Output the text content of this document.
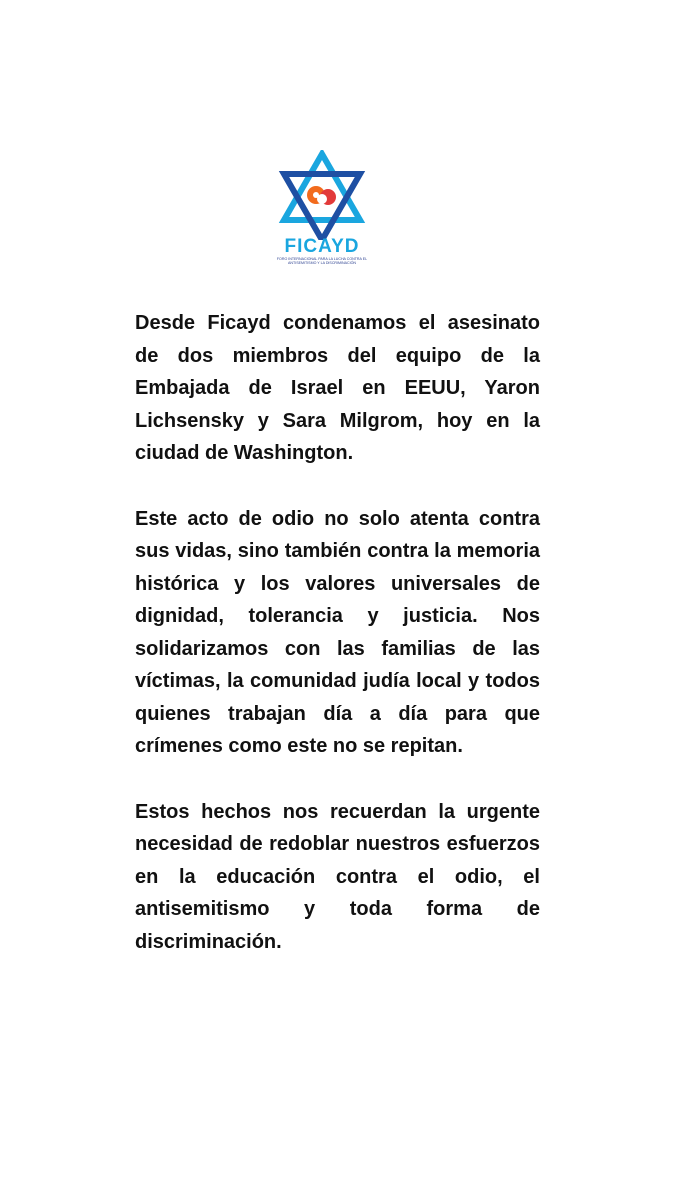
FICAYD
FORO INTERNACIONAL PARA LA LUCHA CONTRA EL ANTISEMITISMO Y LA DISCRIMINACIÓN

Desde Ficayd condenamos el asesinato de dos miembros del equipo de la Embajada de Israel en EEUU, Yaron Lichsensky y Sara Milgrom, hoy en la ciudad de Washington.

Este acto de odio no solo atenta contra sus vidas, sino también contra la memoria histórica y los valores universales de dignidad, tolerancia y justicia. Nos solidarizamos con las familias de las víctimas, la comunidad judía local y todos quienes trabajan día a día para que crímenes como este no se repitan.

Estos hechos nos recuerdan la urgente necesidad de redoblar nuestros esfuerzos en la educación contra el odio, el antisemitismo y toda forma de discriminación.
